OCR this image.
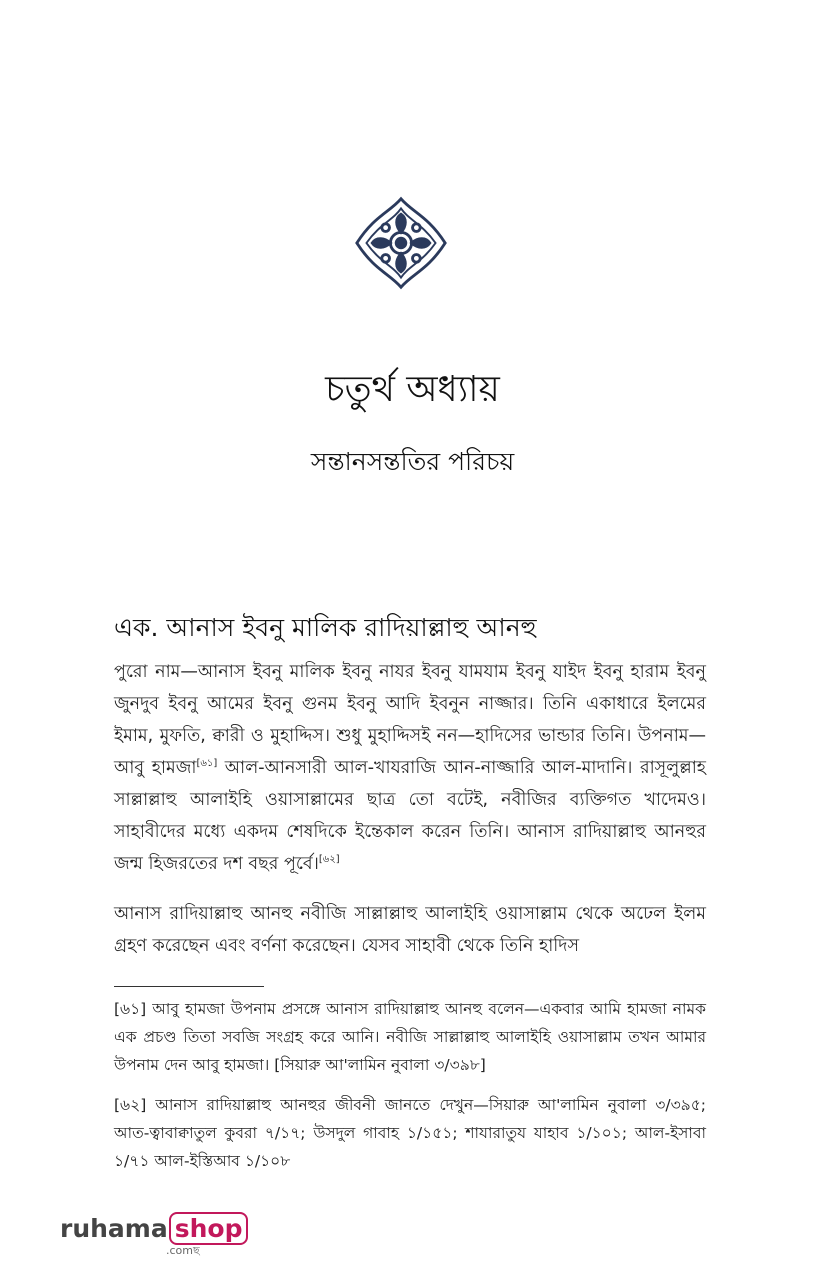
চতুর্থ অধ্যায়
সন্তানসন্ততির পরিচয়
এক. আনাস ইবনু মালিক রাদিয়াল্লাহু আনহু

পুরো নাম—আনাস ইবনু মালিক ইবনু নাযর ইবনু যামযাম ইবনু যাইদ ইবনু হারাম ইবনু জুনদুব ইবনু আমের ইবনু গুনম ইবনু আদি ইবনুন নাজ্জার। তিনি একাধারে ইলমের ইমাম, মুফতি, ক্বারী ও মুহাদ্দিস। শুধু মুহাদ্দিসই নন—হাদিসের ভান্ডার তিনি। উপনাম—আবু হামজা[৬১] আল-আনসারী আল-খাযরাজি আন-নাজ্জারি আল-মাদানি। রাসূলুল্লাহ সাল্লাল্লাহু আলাইহি ওয়াসাল্লামের ছাত্র তো বটেই, নবীজির ব্যক্তিগত খাদেমও। সাহাবীদের মধ্যে একদম শেষদিকে ইন্তেকাল করেন তিনি। আনাস রাদিয়াল্লাহু আনহুর জন্ম হিজরতের দশ বছর পূর্বে।[৬২]

আনাস রাদিয়াল্লাহু আনহু নবীজি সাল্লাল্লাহু আলাইহি ওয়াসাল্লাম থেকে অঢেল ইলম গ্রহণ করেছেন এবং বর্ণনা করেছেন। যেসব সাহাবী থেকে তিনি হাদিস

[৬১] আবু হামজা উপনাম প্রসঙ্গে আনাস রাদিয়াল্লাহু আনহু বলেন—একবার আমি হামজা নামক এক প্রচণ্ড তিতা সবজি সংগ্রহ করে আনি। নবীজি সাল্লাল্লাহু আলাইহি ওয়াসাল্লাম তখন আমার উপনাম দেন আবু হামজা। [সিয়ারু আ'লামিন নুবালা ৩/৩৯৮]

[৬২] আনাস রাদিয়াল্লাহু আনহুর জীবনী জানতে দেখুন—সিয়ারু আ'লামিন নুবালা ৩/৩৯৫; আত-ত্বাবাক্বাতুল কুবরা ৭/১৭; উসদুল গাবাহ ১/১৫১; শাযারাতুয যাহাব ১/১০১; আল-ইসাবা ১/৭১ আল-ইস্তিআব ১/১০৮

ruhama shop
.comছ
